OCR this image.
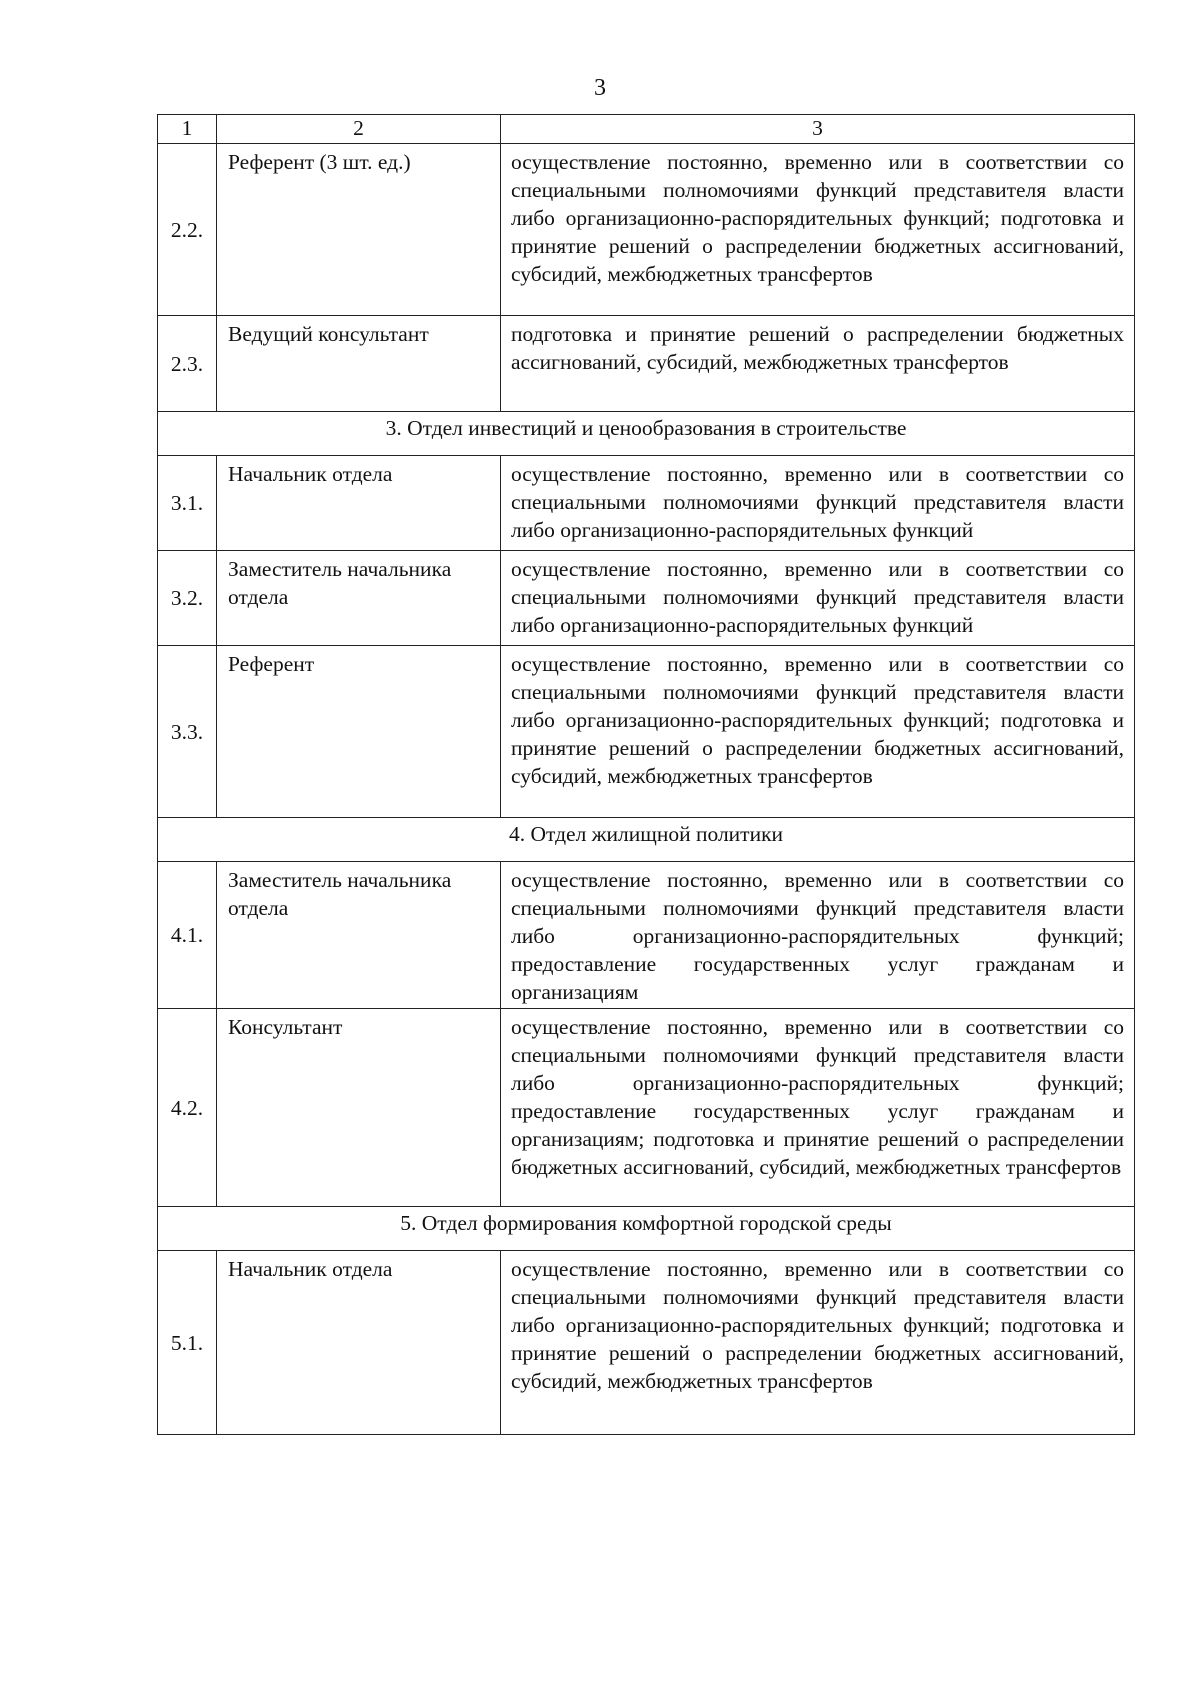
3
1	2	3
2.2.	Референт (3 шт. ед.)	осуществление постоянно, временно или в соответствии со специальными полномочиями функций представителя власти либо организационно-распорядительных функций; подготовка и принятие решений о распределении бюджетных ассигнований, субсидий, межбюджетных трансфертов
2.3.	Ведущий консультант	подготовка и принятие решений о распределении бюджетных ассигнований, субсидий, межбюджетных трансфертов
3. Отдел инвестиций и ценообразования в строительстве		
3.1.	Начальник отдела	осуществление постоянно, временно или в соответствии со специальными полномочиями функций представителя власти либо организационно-распорядительных функций
3.2.	Заместитель начальника отдела	осуществление постоянно, временно или в соответствии со специальными полномочиями функций представителя власти либо организационно-распорядительных функций
3.3.	Референт	осуществление постоянно, временно или в соответствии со специальными полномочиями функций представителя власти либо организационно-распорядительных функций; подготовка и принятие решений о распределении бюджетных ассигнований, субсидий, межбюджетных трансфертов
4. Отдел жилищной политики		
4.1.	Заместитель начальника отдела	осуществление постоянно, временно или в соответствии со специальными полномочиями функций представителя власти либо организационно-распорядительных функций; предоставление государственных услуг гражданам и организациям
4.2.	Консультант	осуществление постоянно, временно или в соответствии со специальными полномочиями функций представителя власти либо организационно-распорядительных функций; предоставление государственных услуг гражданам и организациям; подготовка и принятие решений о распределении бюджетных ассигнований, субсидий, межбюджетных трансфертов
5. Отдел формирования комфортной городской среды		
5.1.	Начальник отдела	осуществление постоянно, временно или в соответствии со специальными полномочиями функций представителя власти либо организационно-распорядительных функций; подготовка и принятие решений о распределении бюджетных ассигнований, субсидий, межбюджетных трансфертов
